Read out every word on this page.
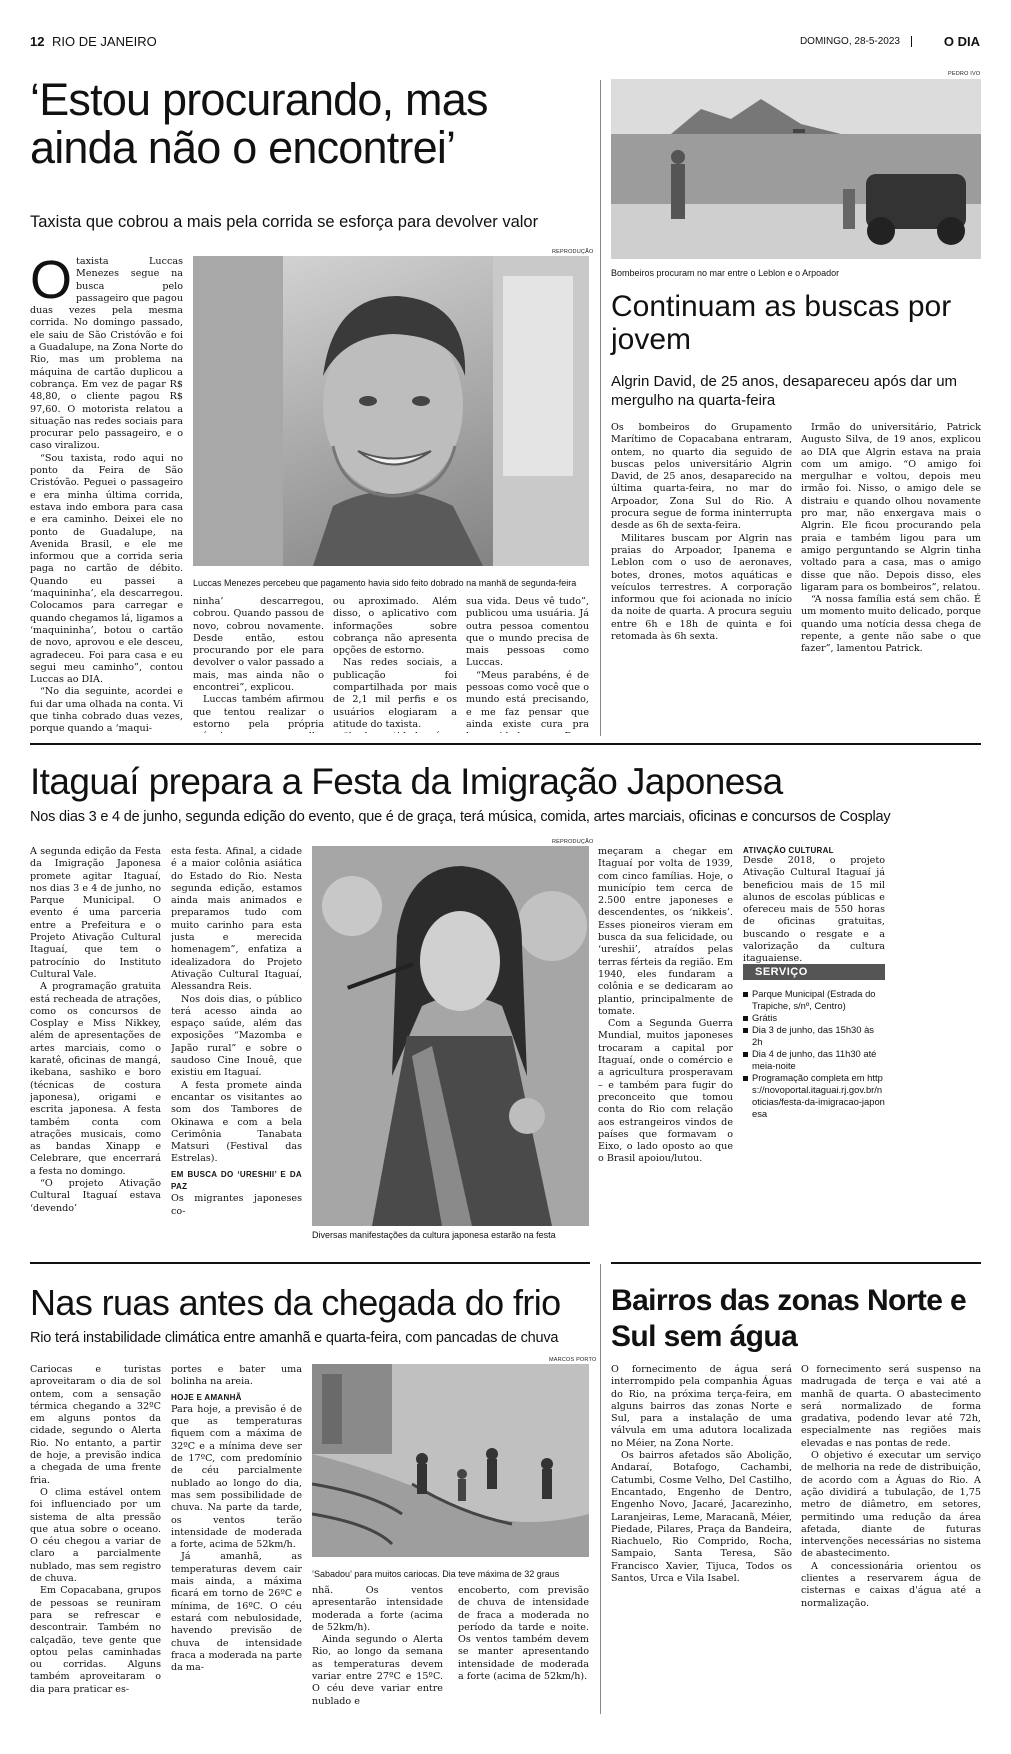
12 RIO DE JANEIRO	DOMINGO, 28-5-2023	O DIA
‘Estou procurando, mas ainda não o encontrei’
Taxista que cobrou a mais pela corrida se esforça para devolver valor
REPRODUÇÃO
Luccas Menezes percebeu que pagamento havia sido feito dobrado na manhã de segunda-feira
O taxista Luccas Menezes segue na busca pelo passageiro que pagou duas vezes pela mesma corrida. No domingo passado, ele saiu de São Cristóvão e foi a Guadalupe, na Zona Norte do Rio, mas um problema na máquina de cartão duplicou a cobrança. Em vez de pagar R$ 48,80, o cliente pagou R$ 97,60. O motorista relatou a situação nas redes sociais para procurar pelo passageiro, e o caso viralizou.

“Sou taxista, rodo aqui no ponto da Feira de São Cristóvão. Peguei o passageiro e era minha última corrida, estava indo embora para casa e era caminho. Deixei ele no ponto de Guadalupe, na Avenida Brasil, e ele me informou que a corrida seria paga no cartão de débito. Quando eu passei a ‘maquininha’, ela descarregou. Colocamos para carregar e quando chegamos lá, ligamos a ‘maquininha’, botou o cartão de novo, aprovou e ele desceu, agradeceu. Foi para casa e eu segui meu caminho”, contou Luccas ao DIA.

“No dia seguinte, acordei e fui dar uma olhada na conta. Vi que tinha cobrado duas vezes, porque quando a ‘maqui-

ninha’ descarregou, cobrou. Quando passou de novo, cobrou novamente. Desde então, estou procurando por ele para devolver o valor passado a mais, mas ainda não o encontrei”, explicou.

Luccas também afirmou que tentou realizar o estorno pela própria

ou aproximado. Além disso, o aplicativo com informações sobre cobrança não apresenta opções de estorno.

Nas redes sociais, a publicação foi compartilhada por mais de 2,1 mil perfis e os usuários elogiaram a atitude do taxista.

sua vida. Deus vê tudo”, publicou uma usuária. Já outra pessoa comentou que o mundo precisa de mais pessoas como Luccas.

“Meus parabéns, é de pessoas como você que o mundo está precisando, e me faz pensar que ainda existe cura pra

PEDRO IVO
Bombeiros procuram no mar entre o Leblon e o Arpoador
Continuam as buscas por jovem
Algrin David, de 25 anos, desapareceu após dar um mergulho na quarta-feira

Os bombeiros do Grupamento Marítimo de Copacabana entraram, ontem, no quarto dia seguido de buscas pelos universitário Algrin David, de 25 anos, desaparecido na última quarta-feira, no mar do Arpoador, Zona Sul do Rio. A procura segue de forma ininterrupta desde as 6h de sexta-feira.

Militares buscam por Algrin nas praias do Arpoador, Ipanema e Leblon com o uso de aeronaves, botes, drones, motos aquáticas e veículos terrestres. A corporação informou que foi acionada no início da noite de quarta. A procura seguiu entre 6h e 18h de quinta e foi retomada às 6h sexta.

Irmão do universitário, Patrick Augusto Silva, de 19 anos, explicou ao DIA que Algrin estava na praia com um amigo. “O amigo foi mergulhar e voltou, depois meu irmão foi. Nisso, o amigo dele se distraiu e quando olhou novamente pro mar, não enxergava mais o Algrin. Ele ficou procurando pela praia e também ligou para um amigo perguntando se Algrin tinha voltado para a casa, mas o amigo disse que não. Depois disso, eles ligaram para os bombeiros”, relatou.

“A nossa família está sem chão. É um momento muito delicado, porque quando uma notícia dessa chega de repente, a gente não sabe o que fazer”, lamentou Patrick.

Itaguaí prepara a Festa da Imigração Japonesa
Nos dias 3 e 4 de junho, segunda edição do evento, que é de graça, terá música, comida, artes marciais, oficinas e concursos de Cosplay

A segunda edição da Festa da Imigração Japonesa promete agitar Itaguaí, nos dias 3 e 4 de junho, no Parque Municipal. O evento é uma parceria entre a Prefeitura e o Projeto Ativação Cultural Itaguaí, que tem o patrocínio do Instituto Cultural Vale.

A programação gratuita está recheada de atrações, como os concursos de Cosplay e Miss Nikkey, além de apresentações de artes marciais, como o karatê, oficinas de mangá, ikebana, sashiko e boro (técnicas de costura japonesa), origami e escrita japonesa. A festa também conta com atrações musicais, como as bandas Xinapp e Celebrare, que encerrará a festa no domingo.

“O projeto Ativação Cultural Itaguaí estava ‘devendo’

esta festa. Afinal, a cidade é a maior colônia asiática do Estado do Rio. Nesta segunda edição, estamos ainda mais animados e preparamos tudo com muito carinho para esta justa e merecida homenagem”, enfatiza a idealizadora do Projeto Ativação Cultural Itaguaí, Alessandra Reis.

Nos dois dias, o público terá acesso ainda ao espaço saúde, além das exposições “Mazomba e Japão rural” e sobre o saudoso Cine Inouê, que existiu em Itaguaí.

A festa promete ainda encantar os visitantes ao som dos Tambores de Okinawa e com a bela Cerimônia Tanabata Matsuri (Festival das Estrelas).

EM BUSCA DO ‘URESHII’ E DA PAZ

Os migrantes japoneses co-

REPRODUÇÃO
Diversas manifestações da cultura japonesa estarão na festa

meçaram a chegar em Itaguaí por volta de 1939, com cinco famílias. Hoje, o município tem cerca de 2.500 entre japoneses e descendentes, os ‘nikkeis’. Esses pioneiros vieram em busca da sua felicidade, ou ‘ureshii’, atraídos pelas terras férteis da região. Em 1940, eles fundaram a colônia e se dedicaram ao plantio, principalmente de tomate.

Com a Segunda Guerra Mundial, muitos japoneses trocaram a capital por Itaguaí, onde o comércio e a agricultura prosperavam – e também para fugir do preconceito que tomou conta do Rio com relação aos estrangeiros vindos de países que formavam o Eixo, o lado oposto ao que o Brasil apoiou/lutou.

ATIVAÇÃO CULTURAL

Desde 2018, o projeto Ativação Cultural Itaguaí já beneficiou mais de 15 mil alunos de escolas públicas e ofereceu mais de 550 horas de oficinas gratuitas, buscando o resgate e a valorização da cultura itaguaiense.

SERVIÇO
Parque Municipal (Estrada do Trapiche, s/nº, Centro)
Grátis
Dia 3 de junho, das 15h30 às 2h
Dia 4 de junho, das 11h30 até meia-noite
Programação completa em https://novoportal.itaguai.rj.gov.br/noticias/festa-da-imigracao-japonesa
Nas ruas antes da chegada do frio
Rio terá instabilidade climática entre amanhã e quarta-feira, com pancadas de chuva

Cariocas e turistas aproveitaram o dia de sol ontem, com a sensação térmica chegando a 32ºC em alguns pontos da cidade, segundo o Alerta Rio. No entanto, a partir de hoje, a previsão indica a chegada de uma frente fria.

O clima estável ontem foi influenciado por um sistema de alta pressão que atua sobre o oceano. O céu chegou a variar de claro a parcialmente nublado, mas sem registro de chuva.

Em Copacabana, grupos de pessoas se reuniram para se refrescar e descontrair. Também no calçadão, teve gente que optou pelas caminhadas ou corridas. Alguns também aproveitaram o dia para praticar es-

portes e bater uma bolinha na areia.

HOJE E AMANHÃ

Para hoje, a previsão é de que as temperaturas fiquem com a máxima de 32ºC e a mínima deve ser de 17ºC, com predomínio de céu parcialmente nublado ao longo do dia, mas sem possibilidade de chuva. Na parte da tarde, os ventos terão intensidade de moderada a forte, acima de 52km/h.

Já amanhã, as temperaturas devem cair mais ainda, a máxima ficará em torno de 26ºC e mínima, de 16ºC. O céu estará com nebulosidade, havendo previsão de chuva de intensidade fraca a moderada na parte da ma-

MARCOS PORTO
‘Sabadou’ para muitos cariocas. Dia teve máxima de 32 graus

nhã. Os ventos apresentarão intensidade moderada a forte (acima de 52km/h).

Ainda segundo o Alerta Rio, ao longo da semana as temperaturas devem variar entre 27ºC e 15ºC. O céu deve variar entre nublado e

encoberto, com previsão de chuva de intensidade de fraca a moderada no período da tarde e noite. Os ventos também devem se manter apresentando intensidade de moderada a forte (acima de 52km/h).

Bairros das zonas Norte e Sul sem água

O fornecimento de água será interrompido pela companhia Águas do Rio, na próxima terça-feira, em alguns bairros das zonas Norte e Sul, para a instalação de uma válvula em uma adutora localizada no Méier, na Zona Norte.

Os bairros afetados são Abolição, Andaraí, Botafogo, Cachambi, Catumbi, Cosme Velho, Del Castilho, Encantado, Engenho de Dentro, Engenho Novo, Jacaré, Jacarezinho, Laranjeiras, Leme, Maracanã, Méier, Piedade, Pilares, Praça da Bandeira, Riachuelo, Rio Comprido, Rocha, Sampaio, Santa Teresa, São Francisco Xavier, Tijuca, Todos os Santos, Urca e Vila Isabel.

O fornecimento será suspenso na madrugada de terça e vai até a manhã de quarta. O abastecimento será normalizado de forma gradativa, podendo levar até 72h, especialmente nas regiões mais elevadas e nas pontas de rede.

O objetivo é executar um serviço de melhoria na rede de distribuição, de acordo com a Águas do Rio. A ação dividirá a tubulação, de 1,75 metro de diâmetro, em setores, permitindo uma redução da área afetada, diante de futuras intervenções necessárias no sistema de abastecimento.

A concessionária orientou os clientes a reservarem água de cisternas e caixas d'água até a normalização.
